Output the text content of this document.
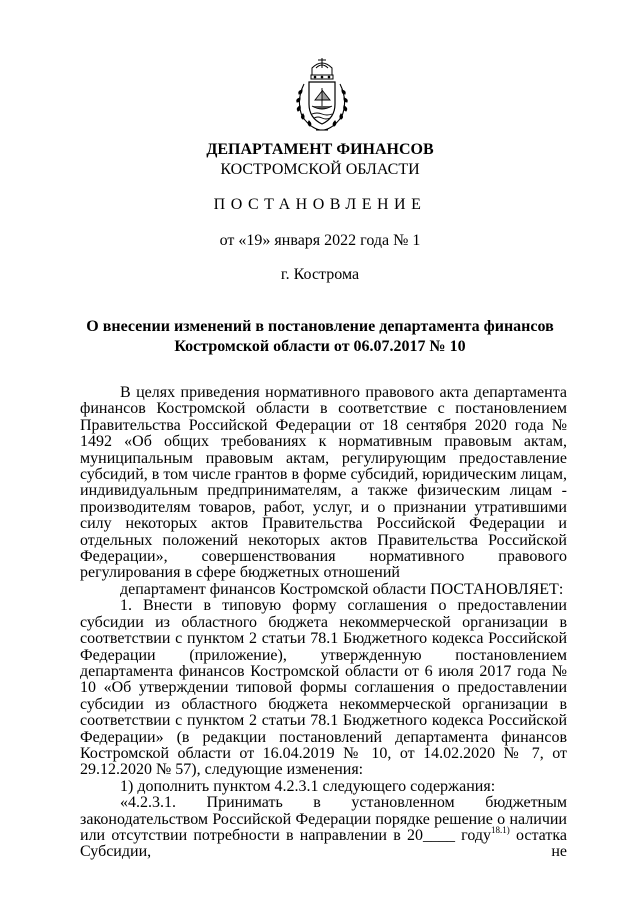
ДЕПАРТАМЕНТ ФИНАНСОВ
КОСТРОМСКОЙ ОБЛАСТИ
ПОСТАНОВЛЕНИЕ
от «19» января 2022 года № 1
г. Кострома
О внесении изменений в постановление департамента финансов
Костромской области от 06.07.2017 № 10

В целях приведения нормативного правового акта департамента финансов Костромской области в соответствие с постановлением Правительства Российской Федерации от 18 сентября 2020 года № 1492 «Об общих требованиях к нормативным правовым актам, муниципальным правовым актам, регулирующим предоставление субсидий, в том числе грантов в форме субсидий, юридическим лицам, индивидуальным предпринимателям, а также физическим лицам - производителям товаров, работ, услуг, и о признании утратившими силу некоторых актов Правительства Российской Федерации и отдельных положений некоторых актов Правительства Российской Федерации», совершенствования нормативного правового регулирования в сфере бюджетных отношений

департамент финансов Костромской области ПОСТАНОВЛЯЕТ:

1. Внести в типовую форму соглашения о предоставлении субсидии из областного бюджета некоммерческой организации в соответствии с пунктом 2 статьи 78.1 Бюджетного кодекса Российской Федерации (приложение), утвержденную постановлением департамента финансов Костромской области от 6 июля 2017 года № 10 «Об утверждении типовой формы соглашения о предоставлении субсидии из областного бюджета некоммерческой организации в соответствии с пунктом 2 статьи 78.1 Бюджетного кодекса Российской Федерации» (в редакции постановлений департамента финансов Костромской области от 16.04.2019 № 10, от 14.02.2020 № 7, от 29.12.2020 № 57), следующие изменения:

1) дополнить пунктом 4.2.3.1 следующего содержания:

«4.2.3.1. Принимать в установленном бюджетным законодательством Российской Федерации порядке решение о наличии или отсутствии потребности в направлении в 20____ году$^{18.1)}$ остатка Субсидии, не
